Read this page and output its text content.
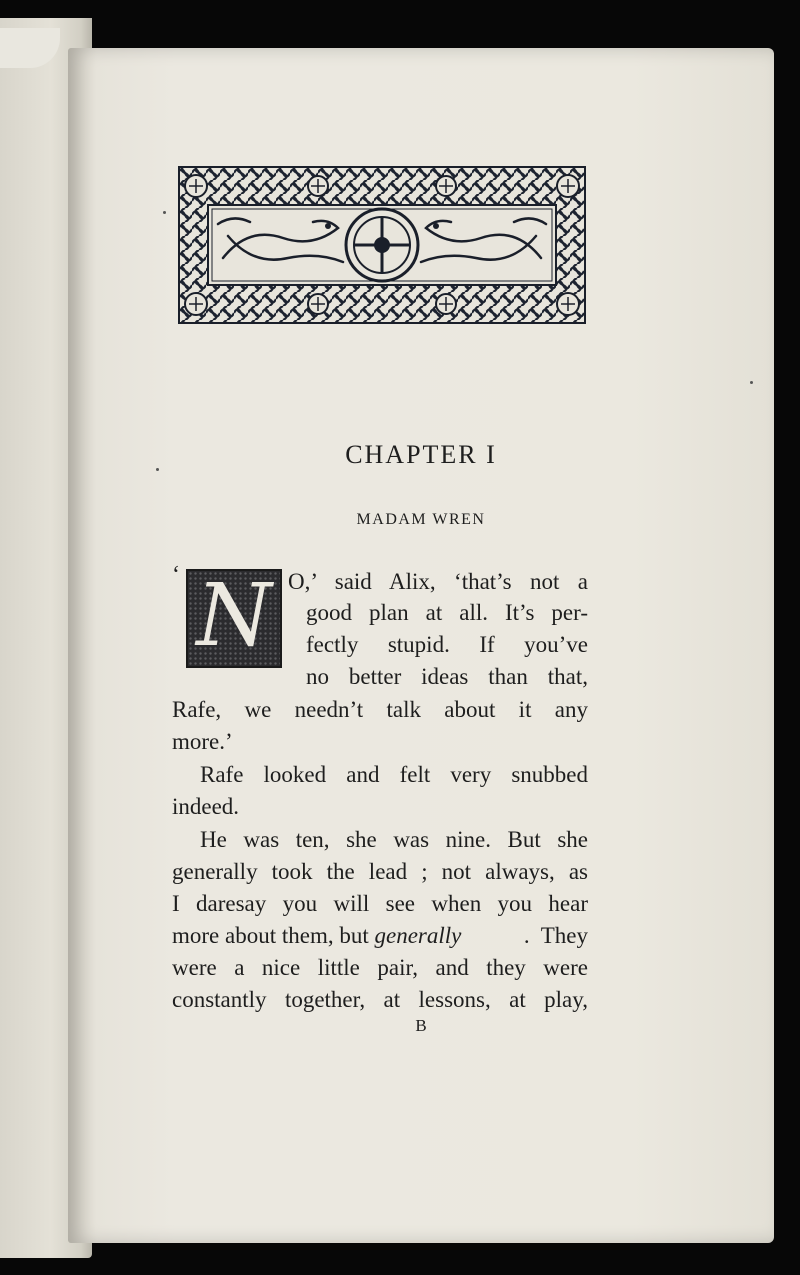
CHAPTER I
MADAM WREN
‘ N O,’ said Alix, ‘that’s not a
good plan at all. It’s per-
fectly stupid. If you’ve
no better ideas than that,
Rafe, we needn’t talk about it any
more.’
Rafe looked and felt very snubbed
indeed.
He was ten, she was nine. But she
generally took the lead ; not always, as
I daresay you will see when you hear
more about them, but generally	.  They
were a nice little pair, and they were
constantly together, at lessons, at play,
B
